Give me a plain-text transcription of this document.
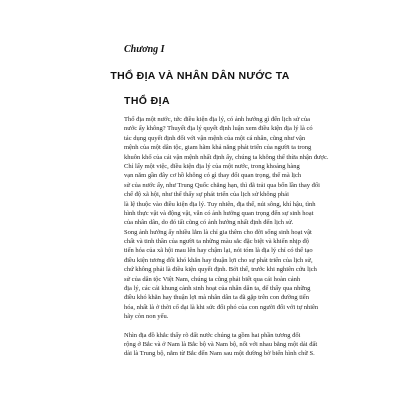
Chương I
THỔ ĐỊA VÀ NHÂN DÂN NƯỚC TA
THỔ ĐỊA
Thổ địa một nước, tức điều kiện địa lý, có ảnh hưởng gì đến lịch sử của
nước ấy không? Thuyết địa lý quyết định luận xem điều kiện địa lý là có
tác dụng quyết định đối với vận mệnh của một cá nhân, cũng như vận
mệnh của một dân tộc, giam hãm khả năng phát triển của người ta trong
khuôn khổ của cái vận mệnh nhất định ấy, chúng ta không thể thừa nhận được.
Chỉ lấy một việc, điều kiện địa lý của một nước, trong khoảng hàng
vạn năm gần đây cơ hồ không có gì thay đổi quan trọng, thế mà lịch
sử của nước ấy, như Trung Quốc chẳng hạn, thì đã trải qua bốn lần thay đổi
chế độ xã hội, như thế thấy sự phát triển của lịch sử không phải
là lệ thuộc vào điều kiện địa lý. Tuy nhiên, địa thế, núi sông, khí hậu, tình
hình thực vật và động vật, vẫn có ảnh hưởng quan trọng đến sự sinh hoạt
của nhân dân, do đó tất cũng có ảnh hưởng nhất định đến lịch sử.
Song ảnh hưởng ấy nhiều lắm là chỉ gia thêm cho đời sống sinh hoạt vật
chất và tinh thần của người ta những màu sắc đặc biệt và khiến nhịp độ
tiến hóa của xã hội mau lên hay chậm lại, nói tóm là địa lý chỉ có thể tạo
điều kiện tương đối khó khăn hay thuận lợi cho sự phát triển của lịch sử,
chứ không phải là điều kiện quyết định. Bởi thế, trước khi nghiên cứu lịch
sử của dân tộc Việt Nam, chúng ta cũng phải biết qua cái hoàn cảnh
địa lý, các cái khung cảnh sinh hoạt của nhân dân ta, để thấy qua những
điều khó khăn hay thuận lợi mà nhân dân ta đã gặp trên con đường tiến
hóa, nhất là ở thời cổ đại là khi sức đối phó của con người đối với tự nhiên
hãy còn non yếu.
Nhìn địa đồ khắc thấy rõ đất nước chúng ta gồm hai phần tương đối
rộng ở Bắc và ở Nam là Bắc bộ và Nam bộ, nối với nhau bằng một dải đất
dài là Trung bộ, nằm từ Bắc đến Nam sau một đường bờ biển hình chữ S.
